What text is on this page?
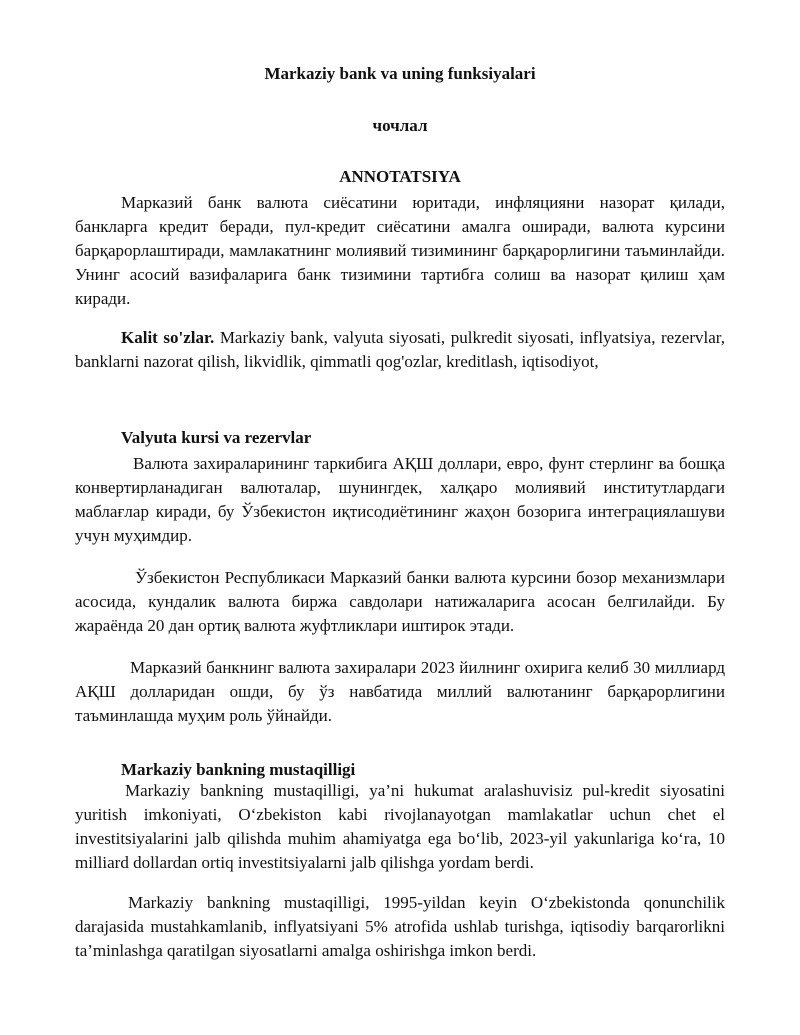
Markaziy bank va uning funksiyalari
чочлал
ANNOTATSIYA

Марказий банк валюта сиёсатини юритади, инфляцияни назорат қилади, банкларга кредит беради, пул-кредит сиёсатини амалга оширади, валюта курсини барқарорлаштиради, мамлакатнинг молиявий тизимининг барқарорлигини таъминлайди. Унинг асосий вазифаларига банк тизимини тартибга солиш ва назорат қилиш ҳам киради.

Kalit so'zlar. Markaziy bank, valyuta siyosati, pulkredit siyosati, inflyatsiya, rezervlar, banklarni nazorat qilish, likvidlik, qimmatli qog'ozlar, kreditlash, iqtisodiyot,

Valyuta kursi va rezervlar

Валюта захираларининг таркибига АҚШ доллари, евро, фунт стерлинг ва бошқа конвертирланадиган валюталар, шунингдек, халқаро молиявий институтлардаги маблағлар киради, бу Ўзбекистон иқтисодиётининг жаҳон бозорига интеграциялашуви учун муҳимдир.

Ўзбекистон Республикаси Марказий банки валюта курсини бозор механизмлари асосида, кундалик валюта биржа савдолари натижаларига асосан белгилайди. Бу жараёнда 20 дан ортиқ валюта жуфтликлари иштирок этади.

Марказий банкнинг валюта захиралари 2023 йилнинг охирига келиб 30 миллиард АҚШ долларидан ошди, бу ўз навбатида миллий валютанинг барқарорлигини таъминлашда муҳим роль ўйнайди.

Markaziy bankning mustaqilligi

Markaziy bankning mustaqilligi, ya’ni hukumat aralashuvisiz pul-kredit siyosatini yuritish imkoniyati, O‘zbekiston kabi rivojlanayotgan mamlakatlar uchun chet el investitsiyalarini jalb qilishda muhim ahamiyatga ega bo‘lib, 2023-yil yakunlariga ko‘ra, 10 milliard dollardan ortiq investitsiyalarni jalb qilishga yordam berdi.

Markaziy bankning mustaqilligi, 1995-yildan keyin O‘zbekistonda qonunchilik darajasida mustahkamlanib, inflyatsiyani 5% atrofida ushlab turishga, iqtisodiy barqarorlikni ta’minlashga qaratilgan siyosatlarni amalga oshirishga imkon berdi.
